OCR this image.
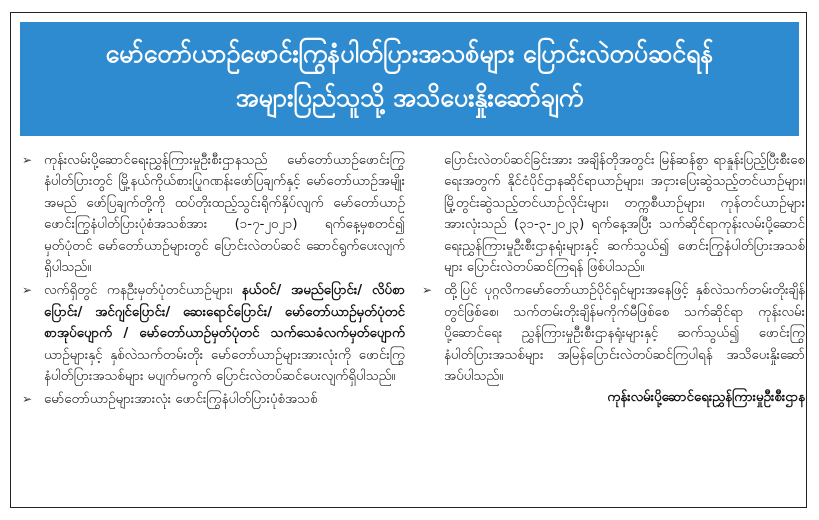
မော်တော်ယာဉ်ဖောင်းကြွနံပါတ်ပြားအသစ်များ ပြောင်းလဲတပ်ဆင်ရန်
အများပြည်သူသို့ အသိပေးနှိုးဆော်ချက်
➢ ကုန်းလမ်းပို့ဆောင်ရေးညွှန်ကြားမှုဦးစီးဌာနသည် မော်တော်ယာဉ်ဖောင်းကြွနံပါတ်ပြားတွင် မြို့နယ်ကိုယ်စားပြုဂဏန်းဖော်ပြချက်နှင့် မော်တော်ယာဉ်အမျိုးအမည် ဖော်ပြချက်တို့ကို ထပ်တိုးထည့်သွင်းရိုက်နှိပ်လျက် မော်တော်ယာဉ် ဖောင်းကြွနံပါတ်ပြားပုံစံအသစ်အား (၁-၇-၂၀၂၁) ရက်နေ့မှစတင်၍ မှတ်ပုံတင် မော်တော်ယာဉ်များတွင် ပြောင်းလဲတပ်ဆင် ဆောင်ရွက်ပေးလျက်ရှိပါသည်။
➢ လက်ရှိတွင် ကနဦးမှတ်ပုံတင်ယာဉ်များ၊ နယ်ဝင်/ အမည်ပြောင်း/ လိပ်စာပြောင်း/ အင်ဂျင်ပြောင်း/ ဆေးရောင်ပြောင်း/ မော်တော်ယာဉ်မှတ်ပုံတင်စာအုပ်ပျောက် / မော်တော်ယာဉ်မှတ်ပုံတင် သက်သေခံလက်မှတ်ပျောက်ယာဉ်များနှင့် နှစ်လဲသက်တမ်းတိုး မော်တော်ယာဉ်များအားလုံးကို ဖောင်းကြွနံပါတ်ပြားအသစ်များ မပျက်မကွက် ပြောင်းလဲတပ်ဆင်ပေးလျက်ရှိပါသည်။
➢ မော်တော်ယာဉ်များအားလုံး ဖောင်းကြွနံပါတ်ပြားပုံစံအသစ်
ပြောင်းလဲတပ်ဆင်ခြင်းအား အချိန်တိုအတွင်း မြန်ဆန်စွာ ရာနှုန်းပြည့်ပြီးစီးစေရေးအတွက် နိုင်ငံပိုင်ဌာနဆိုင်ရာယာဉ်များ၊ အငှားပြေးဆွဲသည့်တင်ယာဉ်များ၊ မြို့တွင်းဆွဲသည့်တင်ယာဉ်လိုင်းများ၊ တက္ကစီယာဉ်များ၊ ကုန်တင်ယာဉ်များအားလုံးသည် (၃၁-၃-၂၀၂၃) ရက်နေ့အပြီး သက်ဆိုင်ရာကုန်းလမ်းပို့ဆောင်ရေးညွှန်ကြားမှုဦးစီးဌာနရုံးများနှင့် ဆက်သွယ်၍ ဖောင်းကြွနံပါတ်ပြားအသစ်များ ပြောင်းလဲတပ်ဆင်ကြရန် ဖြစ်ပါသည်။
➢ ထို့ပြင် ပုဂ္ဂလိကမော်တော်ယာဉ်ပိုင်ရှင်များအနေဖြင့် နှစ်လဲသက်တမ်းတိုးချိန်တွင်ဖြစ်စေ၊ သက်တမ်းတိုးချိန်မကိုက်မီဖြစ်စေ သက်ဆိုင်ရာ ကုန်းလမ်းပို့ဆောင်ရေး ညွှန်ကြားမှုဦးစီးဌာနရုံးများနှင့် ဆက်သွယ်၍ ဖောင်းကြွနံပါတ်ပြားအသစ်များ အမြန်ပြောင်းလဲတပ်ဆင်ကြပါရန် အသိပေးနှိုးဆော်အပ်ပါသည်။
ကုန်းလမ်းပို့ဆောင်ရေးညွှန်ကြားမှုဦးစီးဌာန
